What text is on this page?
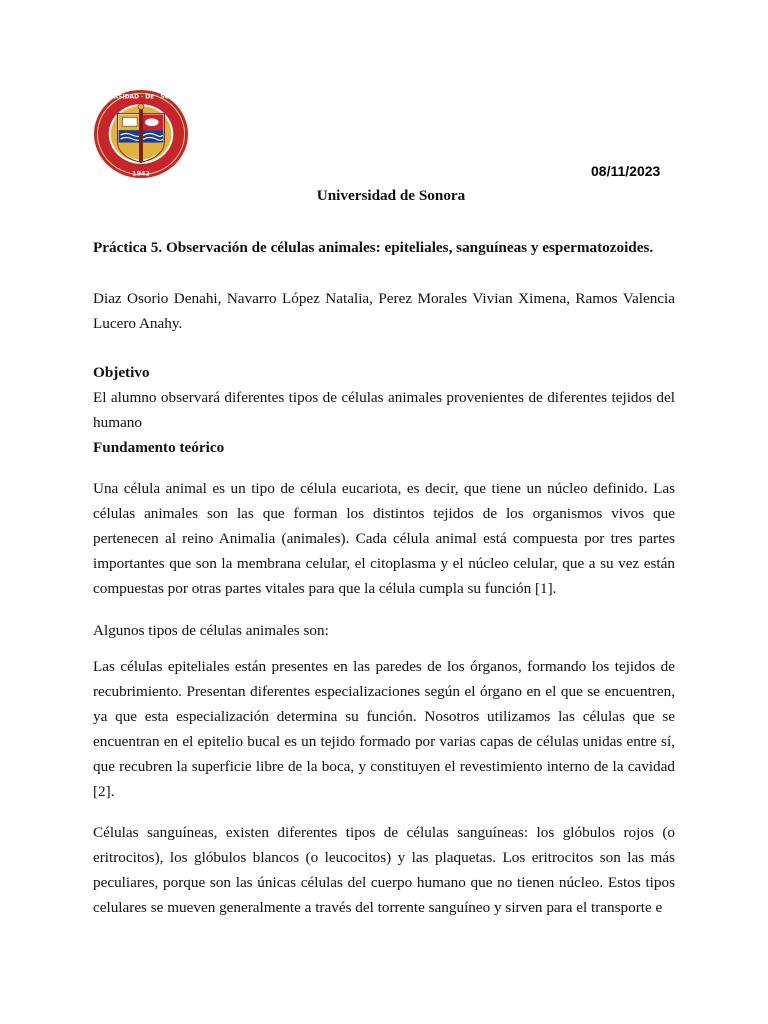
UNIVERSIDAD · DE · SONORA
1942	08/11/2023
Universidad de Sonora
Práctica 5. Observación de células animales: epiteliales, sanguíneas y espermatozoides.

Diaz Osorio Denahi, Navarro López Natalia, Perez Morales Vivian Ximena, Ramos Valencia Lucero Anahy.

Objetivo

El alumno observará diferentes tipos de células animales provenientes de diferentes tejidos del humano

Fundamento teórico

Una célula animal es un tipo de célula eucariota, es decir, que tiene un núcleo definido. Las células animales son las que forman los distintos tejidos de los organismos vivos que pertenecen al reino Animalia (animales). Cada célula animal está compuesta por tres partes importantes que son la membrana celular, el citoplasma y el núcleo celular, que a su vez están compuestas por otras partes vitales para que la célula cumpla su función [1].

Algunos tipos de células animales son:

Las células epiteliales están presentes en las paredes de los órganos, formando los tejidos de recubrimiento. Presentan diferentes especializaciones según el órgano en el que se encuentren, ya que esta especialización determina su función. Nosotros utilizamos las células que se encuentran en el epitelio bucal es un tejido formado por varias capas de células unidas entre sí, que recubren la superficie libre de la boca, y constituyen el revestimiento interno de la cavidad [2].

Células sanguíneas, existen diferentes tipos de células sanguíneas: los glóbulos rojos (o eritrocitos), los glóbulos blancos (o leucocitos) y las plaquetas. Los eritrocitos son las más peculiares, porque son las únicas células del cuerpo humano que no tienen núcleo. Estos tipos celulares se mueven generalmente a través del torrente sanguíneo y sirven para el transporte e
